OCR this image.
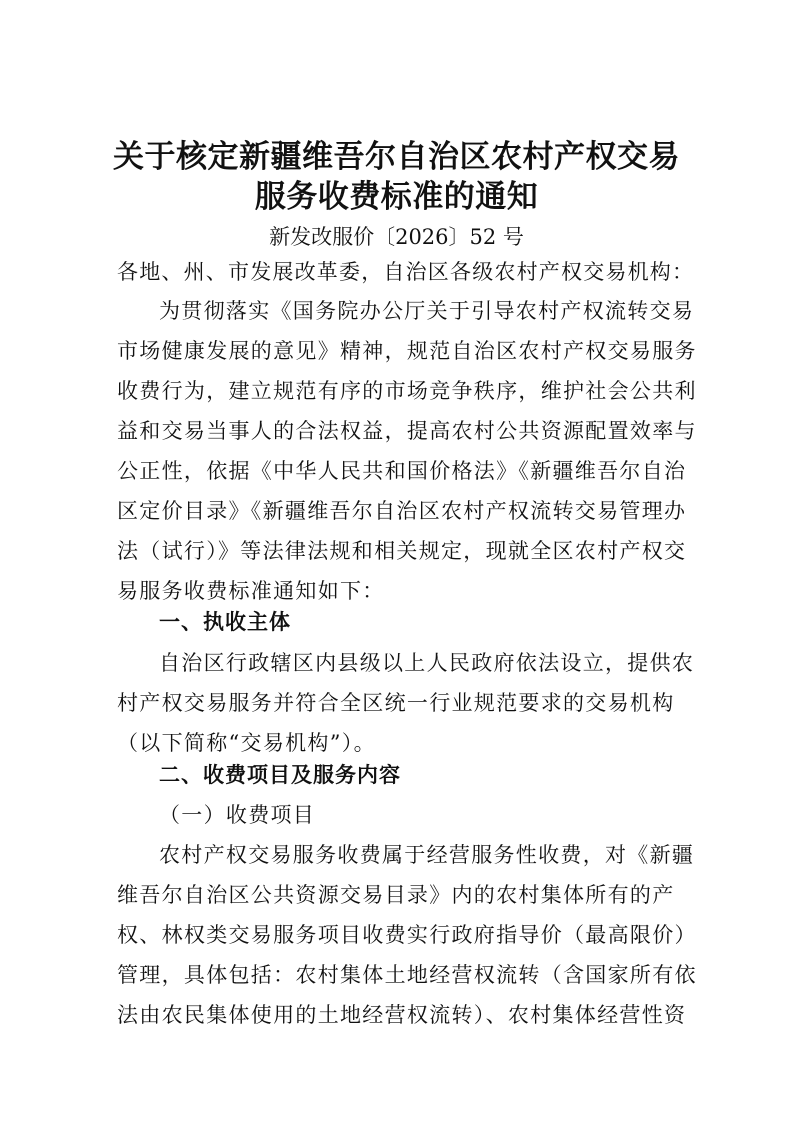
关于核定新疆维吾尔自治区农村产权交易
服务收费标准的通知
新发改服价〔2026〕52 号
各地、州、市发展改革委，自治区各级农村产权交易机构：
为贯彻落实《国务院办公厅关于引导农村产权流转交易
市场健康发展的意见》精神，规范自治区农村产权交易服务
收费行为，建立规范有序的市场竞争秩序，维护社会公共利
益和交易当事人的合法权益，提高农村公共资源配置效率与
公正性，依据《中华人民共和国价格法》《新疆维吾尔自治
区定价目录》《新疆维吾尔自治区农村产权流转交易管理办
法（试行）》等法律法规和相关规定，现就全区农村产权交
易服务收费标准通知如下：
一、执收主体
自治区行政辖区内县级以上人民政府依法设立，提供农
村产权交易服务并符合全区统一行业规范要求的交易机构
（以下简称“交易机构”）。
二、收费项目及服务内容
（一）收费项目
农村产权交易服务收费属于经营服务性收费，对《新疆
维吾尔自治区公共资源交易目录》内的农村集体所有的产
权、林权类交易服务项目收费实行政府指导价（最高限价）
管理，具体包括：农村集体土地经营权流转（含国家所有依
法由农民集体使用的土地经营权流转）、农村集体经营性资
